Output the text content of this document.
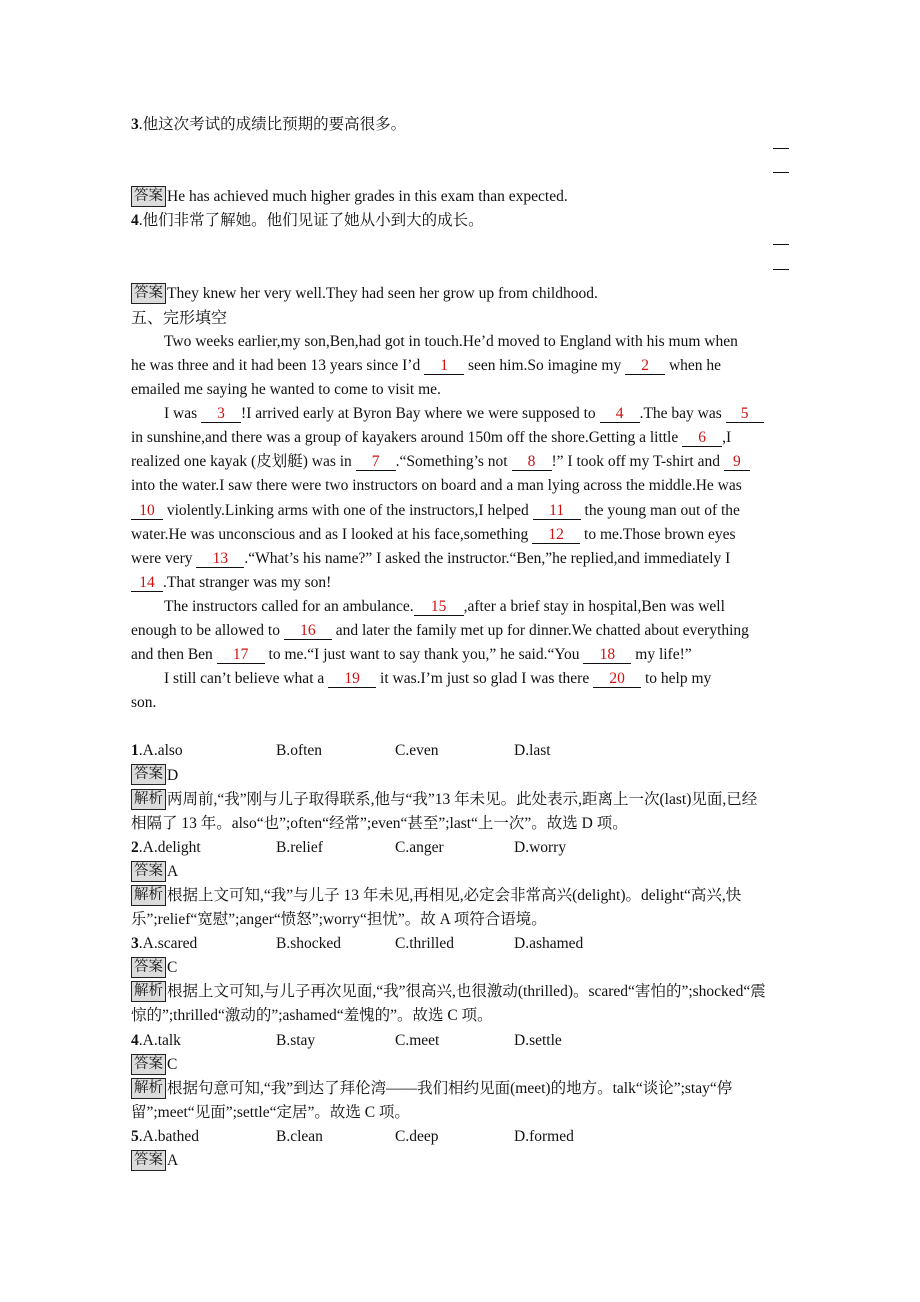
3.他这次考试的成绩比预期的要高很多。
答案 He has achieved much higher grades in this exam than expected.
4.他们非常了解她。他们见证了她从小到大的成长。
答案 They knew her very well.They had seen her grow up from childhood.
五、完形填空
Two weeks earlier,my son,Ben,had got in touch.He’d moved to England with his mum when
he was three and it had been 13 years since I’d 1 seen him.So imagine my 2 when he
emailed me saying he wanted to come to visit me.
I was 3 !I arrived early at Byron Bay where we were supposed to 4 .The bay was 5
in sunshine,and there was a group of kayakers around 150m off the shore.Getting a little 6 ,I
realized one kayak (皮划艇) was in 7 .“Something’s not 8 !” I took off my T-shirt and 9
into the water.I saw there were two instructors on board and a man lying across the middle.He was
10 violently.Linking arms with one of the instructors,I helped 11 the young man out of the
water.He was unconscious and as I looked at his face,something 12 to me.Those brown eyes
were very 13 .“What’s his name?” I asked the instructor.“Ben,”he replied,and immediately I
14 .That stranger was my son!
The instructors called for an ambulance. 15 ,after a brief stay in hospital,Ben was well
enough to be allowed to 16 and later the family met up for dinner.We chatted about everything
and then Ben 17 to me.“I just want to say thank you,” he said.“You 18 my life!”
I still can’t believe what a 19 it was.I’m just so glad I was there 20 to help my
son.
1.A.also	B.often	C.even	D.last
答案 D
解析 两周前,“我”刚与儿子取得联系,他与“我”13 年未见。此处表示,距离上一次(last)见面,已经
相隔了 13 年。also“也”;often“经常”;even“甚至”;last“上一次”。故选 D 项。
2.A.delight	B.relief	C.anger	D.worry
答案 A
解析 根据上文可知,“我”与儿子 13 年未见,再相见,必定会非常高兴(delight)。delight“高兴,快
乐”;relief“宽慰”;anger“愤怒”;worry“担忧”。故 A 项符合语境。
3.A.scared	B.shocked	C.thrilled	D.ashamed
答案 C
解析 根据上文可知,与儿子再次见面,“我”很高兴,也很激动(thrilled)。scared“害怕的”;shocked“震
惊的”;thrilled“激动的”;ashamed“羞愧的”。故选 C 项。
4.A.talk	B.stay	C.meet	D.settle
答案 C
解析 根据句意可知,“我”到达了拜伦湾——我们相约见面(meet)的地方。talk“谈论”;stay“停
留”;meet“见面”;settle“定居”。故选 C 项。
5.A.bathed	B.clean	C.deep	D.formed
答案 A
